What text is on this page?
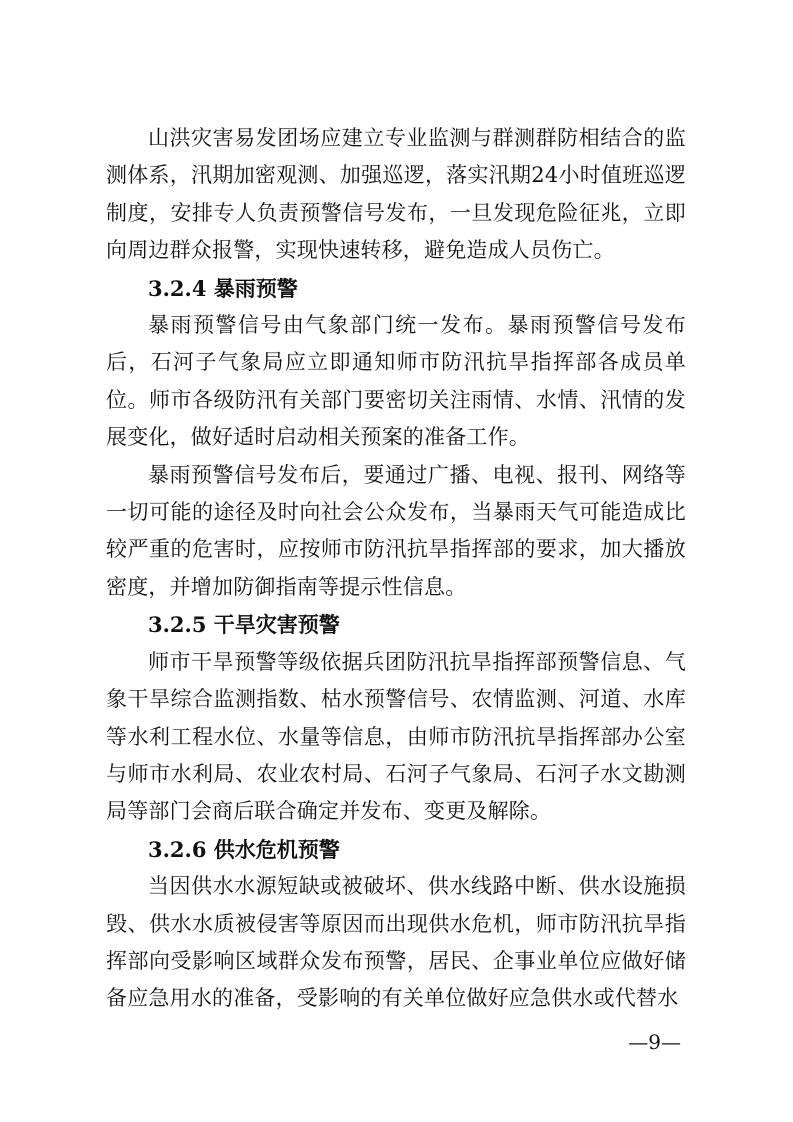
山洪灾害易发团场应建立专业监测与群测群防相结合的监测体系，汛期加密观测、加强巡逻，落实汛期24小时值班巡逻制度，安排专人负责预警信号发布，一旦发现危险征兆，立即向周边群众报警，实现快速转移，避免造成人员伤亡。

3.2.4 暴雨预警

暴雨预警信号由气象部门统一发布。暴雨预警信号发布后，石河子气象局应立即通知师市防汛抗旱指挥部各成员单位。师市各级防汛有关部门要密切关注雨情、水情、汛情的发展变化，做好适时启动相关预案的准备工作。

暴雨预警信号发布后，要通过广播、电视、报刊、网络等一切可能的途径及时向社会公众发布，当暴雨天气可能造成比较严重的危害时，应按师市防汛抗旱指挥部的要求，加大播放密度，并增加防御指南等提示性信息。

3.2.5 干旱灾害预警

师市干旱预警等级依据兵团防汛抗旱指挥部预警信息、气象干旱综合监测指数、枯水预警信号、农情监测、河道、水库等水利工程水位、水量等信息，由师市防汛抗旱指挥部办公室与师市水利局、农业农村局、石河子气象局、石河子水文勘测局等部门会商后联合确定并发布、变更及解除。

3.2.6 供水危机预警

当因供水水源短缺或被破坏、供水线路中断、供水设施损毁、供水水质被侵害等原因而出现供水危机，师市防汛抗旱指挥部向受影响区域群众发布预警，居民、企事业单位应做好储备应急用水的准备，受影响的有关单位做好应急供水或代替水

—9—
